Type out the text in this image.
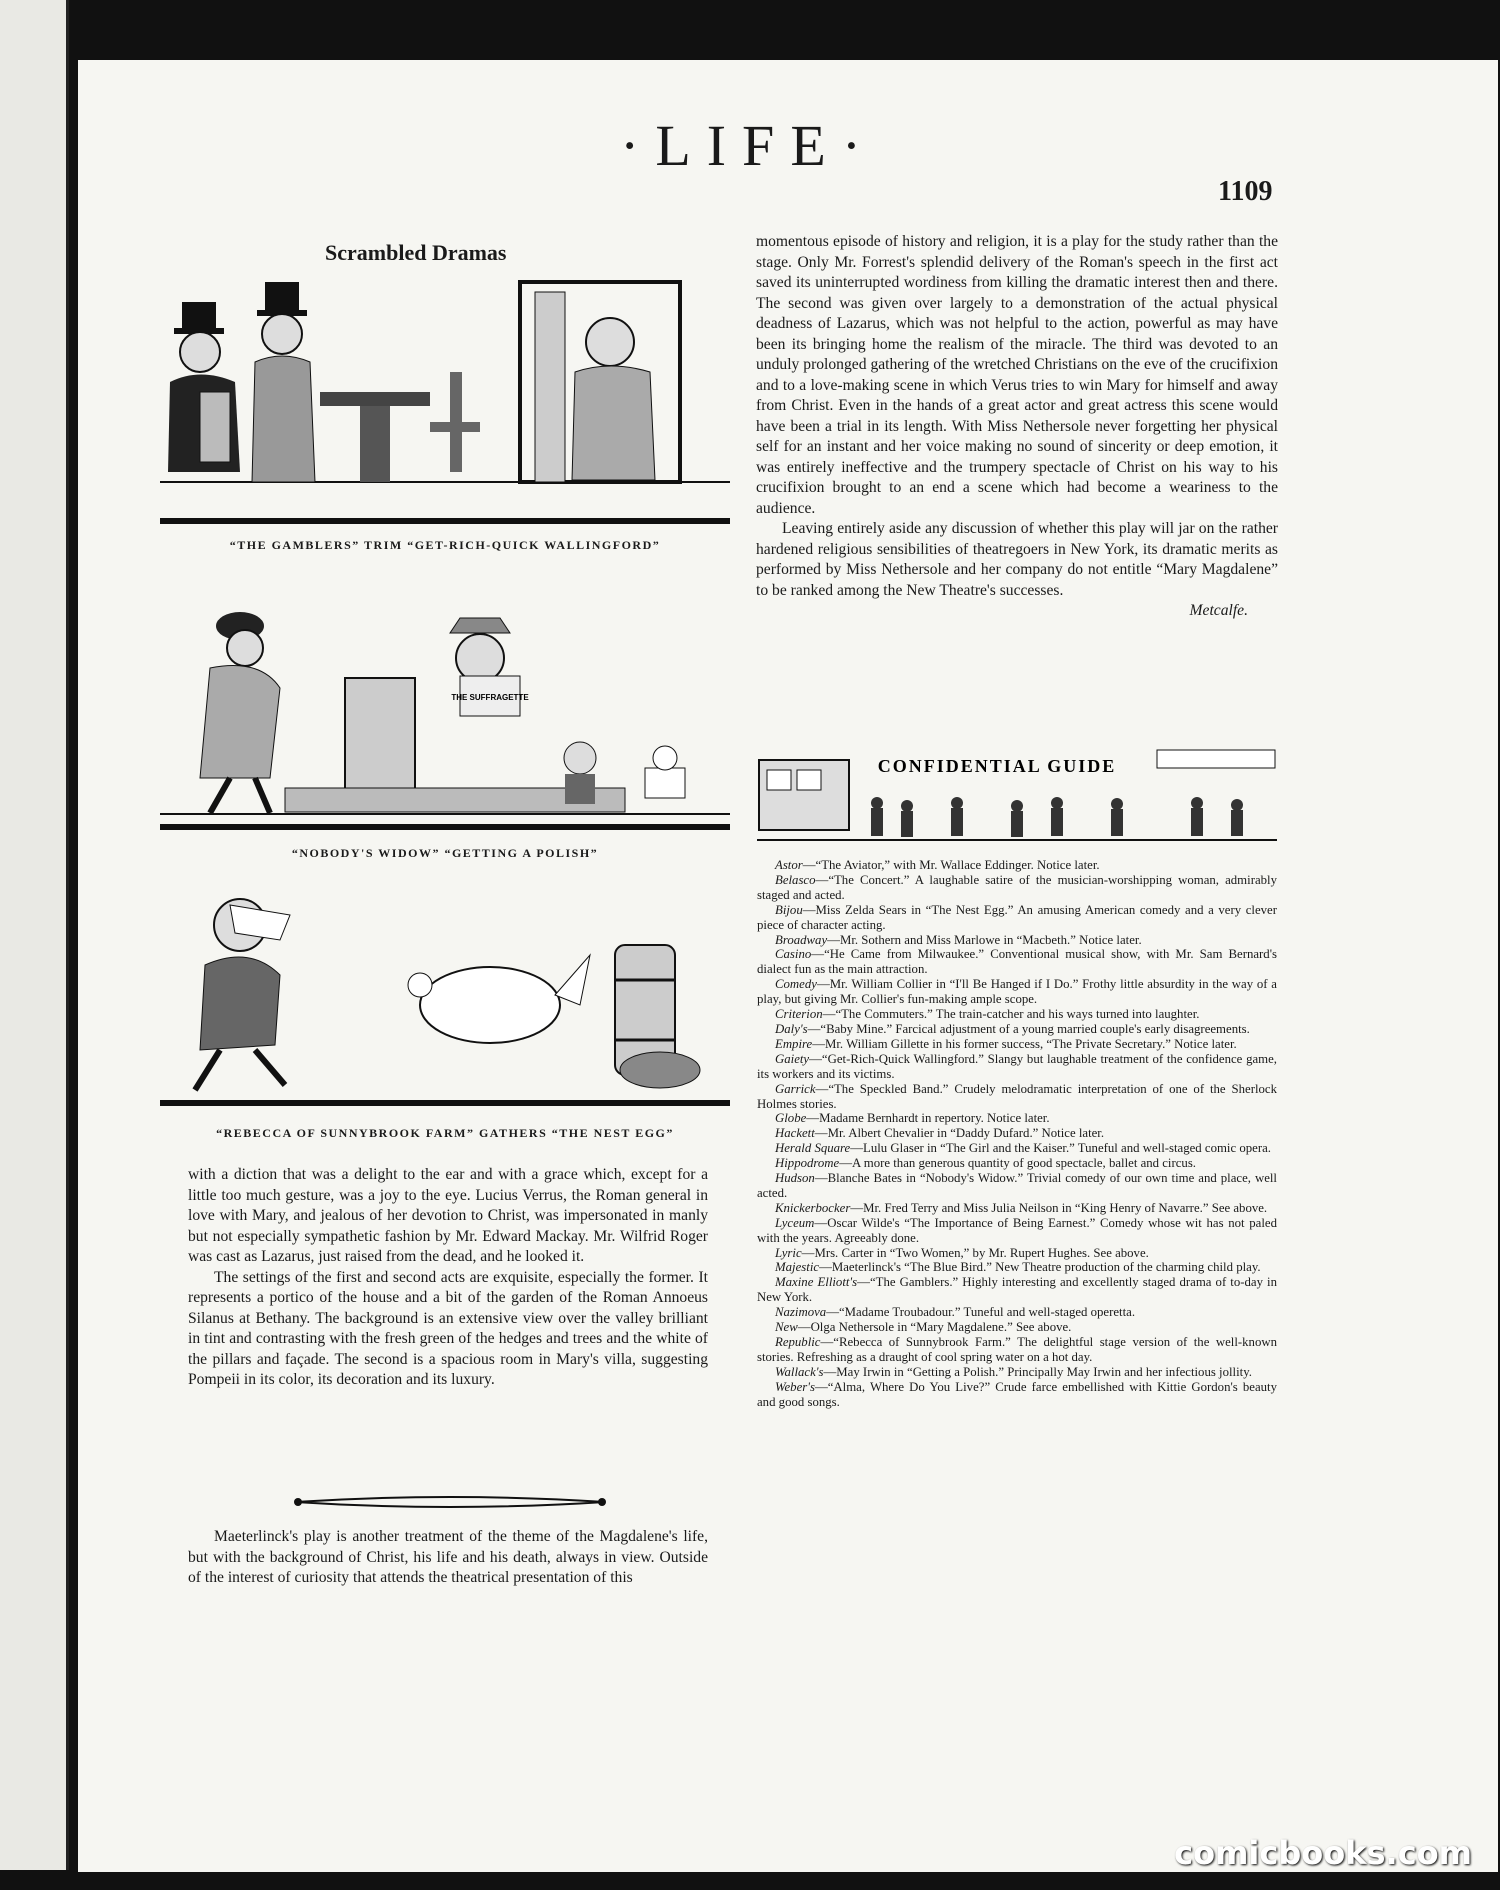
·LIFE·
1109
Scrambled Dramas
“THE GAMBLERS” TRIM “GET-RICH-QUICK WALLINGFORD”
THE SUFFRAGETTE
“NOBODY'S WIDOW” “GETTING A POLISH”
“REBECCA OF SUNNYBROOK FARM” GATHERS “THE NEST EGG”

with a diction that was a delight to the ear and with a grace which, except for a little too much gesture, was a joy to the eye. Lucius Verrus, the Roman general in love with Mary, and jealous of her devotion to Christ, was impersonated in manly but not especially sympathetic fashion by Mr. Edward Mackay. Mr. Wilfrid Roger was cast as Lazarus, just raised from the dead, and he looked it.

The settings of the first and second acts are exquisite, especially the former. It represents a portico of the house and a bit of the garden of the Roman Annoeus Silanus at Bethany. The background is an extensive view over the valley brilliant in tint and contrasting with the fresh green of the hedges and trees and the white of the pillars and façade. The second is a spacious room in Mary's villa, suggesting Pompeii in its color, its decoration and its luxury.

Maeterlinck's play is another treatment of the theme of the Magdalene's life, but with the background of Christ, his life and his death, always in view. Outside of the interest of curiosity that attends the theatrical presentation of this

momentous episode of history and religion, it is a play for the study rather than the stage. Only Mr. Forrest's splendid delivery of the Roman's speech in the first act saved its uninterrupted wordiness from killing the dramatic interest then and there. The second was given over largely to a demonstration of the actual physical deadness of Lazarus, which was not helpful to the action, powerful as may have been its bringing home the realism of the miracle. The third was devoted to an unduly prolonged gathering of the wretched Christians on the eve of the crucifixion and to a love-making scene in which Verus tries to win Mary for himself and away from Christ. Even in the hands of a great actor and great actress this scene would have been a trial in its length. With Miss Nethersole never forgetting her physical self for an instant and her voice making no sound of sincerity or deep emotion, it was entirely ineffective and the trumpery spectacle of Christ on his way to his crucifixion brought to an end a scene which had become a weariness to the audience.

Leaving entirely aside any discussion of whether this play will jar on the rather hardened religious sensibilities of theatregoers in New York, its dramatic merits as performed by Miss Nethersole and her company do not entitle “Mary Magdalene” to be ranked among the New Theatre's successes.

Metcalfe.
CONFIDENTIAL GUIDE
Astor—“The Aviator,” with Mr. Wallace Eddinger. Notice later.
Belasco—“The Concert.” A laughable satire of the musician-worshipping woman, admirably staged and acted.
Bijou—Miss Zelda Sears in “The Nest Egg.” An amusing American comedy and a very clever piece of character acting.
Broadway—Mr. Sothern and Miss Marlowe in “Macbeth.” Notice later.
Casino—“He Came from Milwaukee.” Conventional musical show, with Mr. Sam Bernard's dialect fun as the main attraction.
Comedy—Mr. William Collier in “I'll Be Hanged if I Do.” Frothy little absurdity in the way of a play, but giving Mr. Collier's fun-making ample scope.
Criterion—“The Commuters.” The train-catcher and his ways turned into laughter.
Daly's—“Baby Mine.” Farcical adjustment of a young married couple's early disagreements.
Empire—Mr. William Gillette in his former success, “The Private Secretary.” Notice later.
Gaiety—“Get-Rich-Quick Wallingford.” Slangy but laughable treatment of the confidence game, its workers and its victims.
Garrick—“The Speckled Band.” Crudely melodramatic interpretation of one of the Sherlock Holmes stories.
Globe—Madame Bernhardt in repertory. Notice later.
Hackett—Mr. Albert Chevalier in “Daddy Dufard.” Notice later.
Herald Square—Lulu Glaser in “The Girl and the Kaiser.” Tuneful and well-staged comic opera.
Hippodrome—A more than generous quantity of good spectacle, ballet and circus.
Hudson—Blanche Bates in “Nobody's Widow.” Trivial comedy of our own time and place, well acted.
Knickerbocker—Mr. Fred Terry and Miss Julia Neilson in “King Henry of Navarre.” See above.
Lyceum—Oscar Wilde's “The Importance of Being Earnest.” Comedy whose wit has not paled with the years. Agreeably done.
Lyric—Mrs. Carter in “Two Women,” by Mr. Rupert Hughes. See above.
Majestic—Maeterlinck's “The Blue Bird.” New Theatre production of the charming child play.
Maxine Elliott's—“The Gamblers.” Highly interesting and excellently staged drama of to-day in New York.
Nazimova—“Madame Troubadour.” Tuneful and well-staged operetta.
New—Olga Nethersole in “Mary Magdalene.” See above.
Republic—“Rebecca of Sunnybrook Farm.” The delightful stage version of the well-known stories. Refreshing as a draught of cool spring water on a hot day.
Wallack's—May Irwin in “Getting a Polish.” Principally May Irwin and her infectious jollity.
Weber's—“Alma, Where Do You Live?” Crude farce embellished with Kittie Gordon's beauty and good songs.
comicbooks.com
